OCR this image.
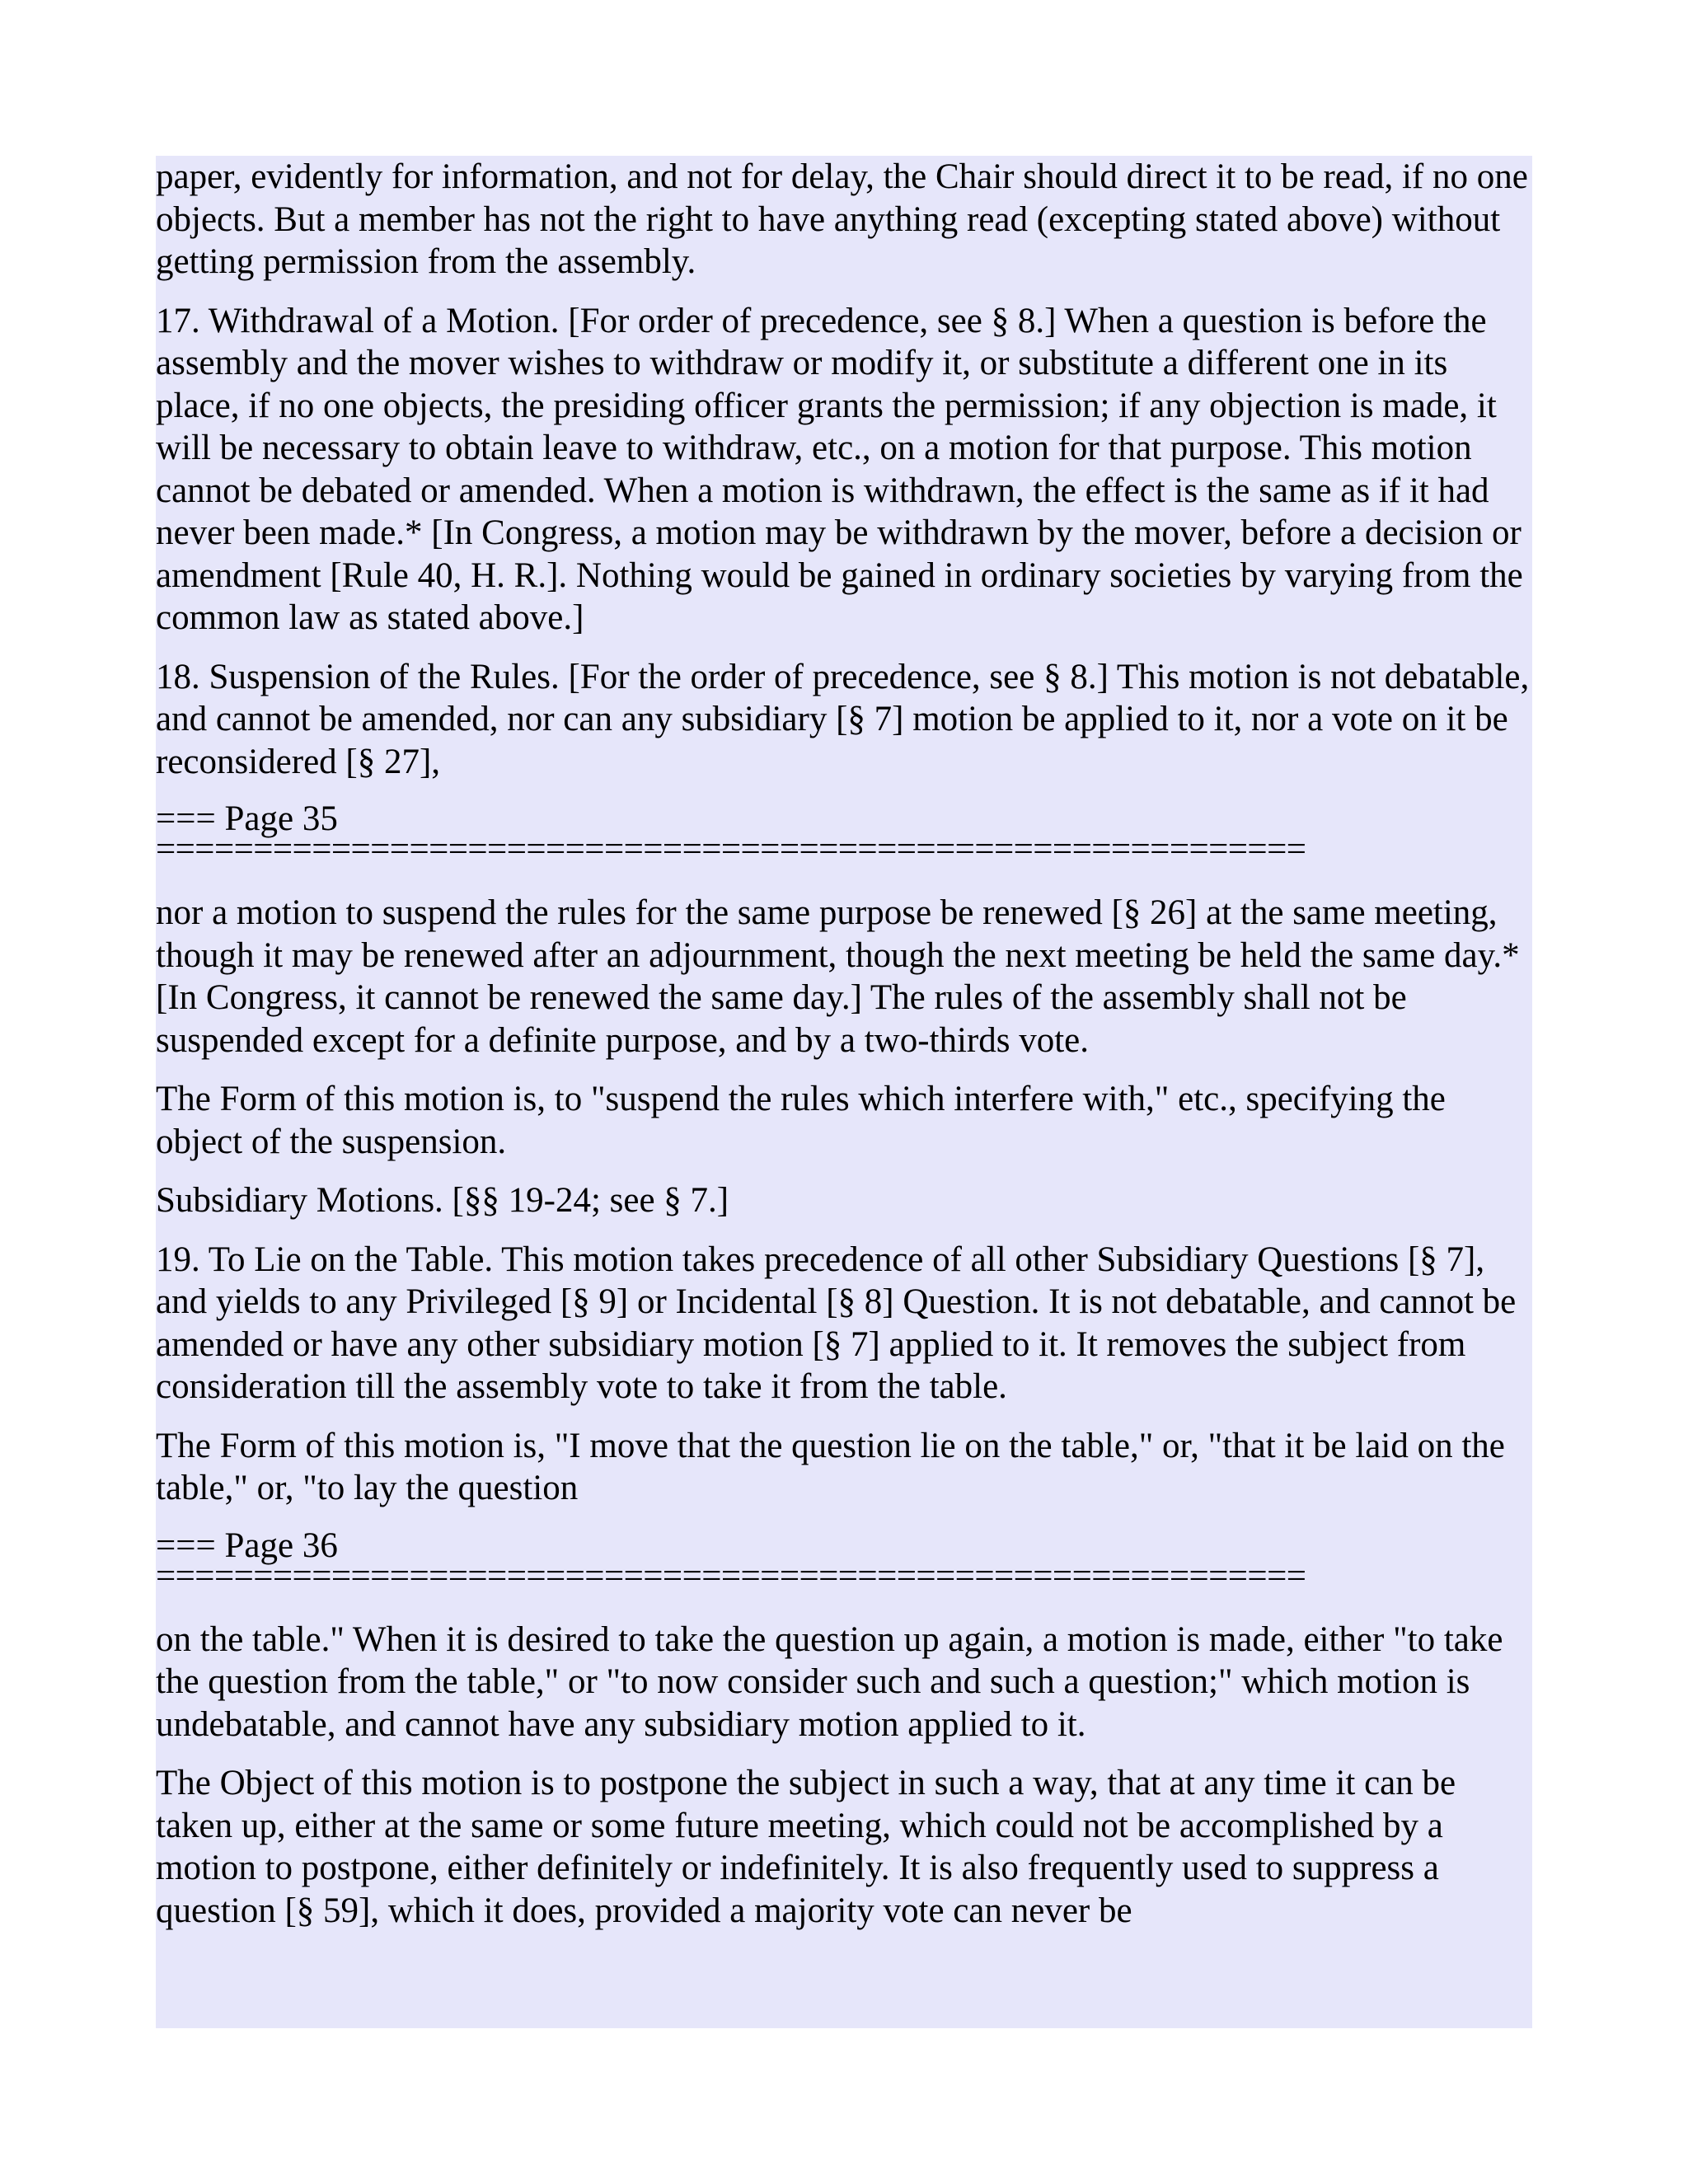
paper, evidently for information, and not for delay, the Chair should direct it to be read, if no one objects. But a member has not the right to have anything read (excepting stated above) without getting permission from the assembly.

17. Withdrawal of a Motion. [For order of precedence, see § 8.] When a question is before the assembly and the mover wishes to withdraw or modify it, or substitute a different one in its place, if no one objects, the presiding officer grants the permission; if any objection is made, it will be necessary to obtain leave to withdraw, etc., on a motion for that purpose. This motion cannot be debated or amended. When a motion is withdrawn, the effect is the same as if it had never been made.* [In Congress, a motion may be withdrawn by the mover, before a decision or amendment [Rule 40, H. R.]. Nothing would be gained in ordinary societies by varying from the common law as stated above.]

18. Suspension of the Rules. [For the order of precedence, see § 8.] This motion is not debatable, and cannot be amended, nor can any subsidiary [§ 7] motion be applied to it, nor a vote on it be reconsidered [§ 27],

=== Page 35
===========================================================

nor a motion to suspend the rules for the same purpose be renewed [§ 26] at the same meeting, though it may be renewed after an adjournment, though the next meeting be held the same day.* [In Congress, it cannot be renewed the same day.] The rules of the assembly shall not be suspended except for a definite purpose, and by a two-thirds vote.

The Form of this motion is, to "suspend the rules which interfere with," etc., specifying the object of the suspension.

Subsidiary Motions. [§§ 19-24; see § 7.]

19. To Lie on the Table. This motion takes precedence of all other Subsidiary Questions [§ 7], and yields to any Privileged [§ 9] or Incidental [§ 8] Question. It is not debatable, and cannot be amended or have any other subsidiary motion [§ 7] applied to it. It removes the subject from consideration till the assembly vote to take it from the table.

The Form of this motion is, "I move that the question lie on the table," or, "that it be laid on the table," or, "to lay the question

=== Page 36
===========================================================

on the table." When it is desired to take the question up again, a motion is made, either "to take the question from the table," or "to now consider such and such a question;" which motion is undebatable, and cannot have any subsidiary motion applied to it.

The Object of this motion is to postpone the subject in such a way, that at any time it can be taken up, either at the same or some future meeting, which could not be accomplished by a motion to postpone, either definitely or indefinitely. It is also frequently used to suppress a question [§ 59], which it does, provided a majority vote can never be
